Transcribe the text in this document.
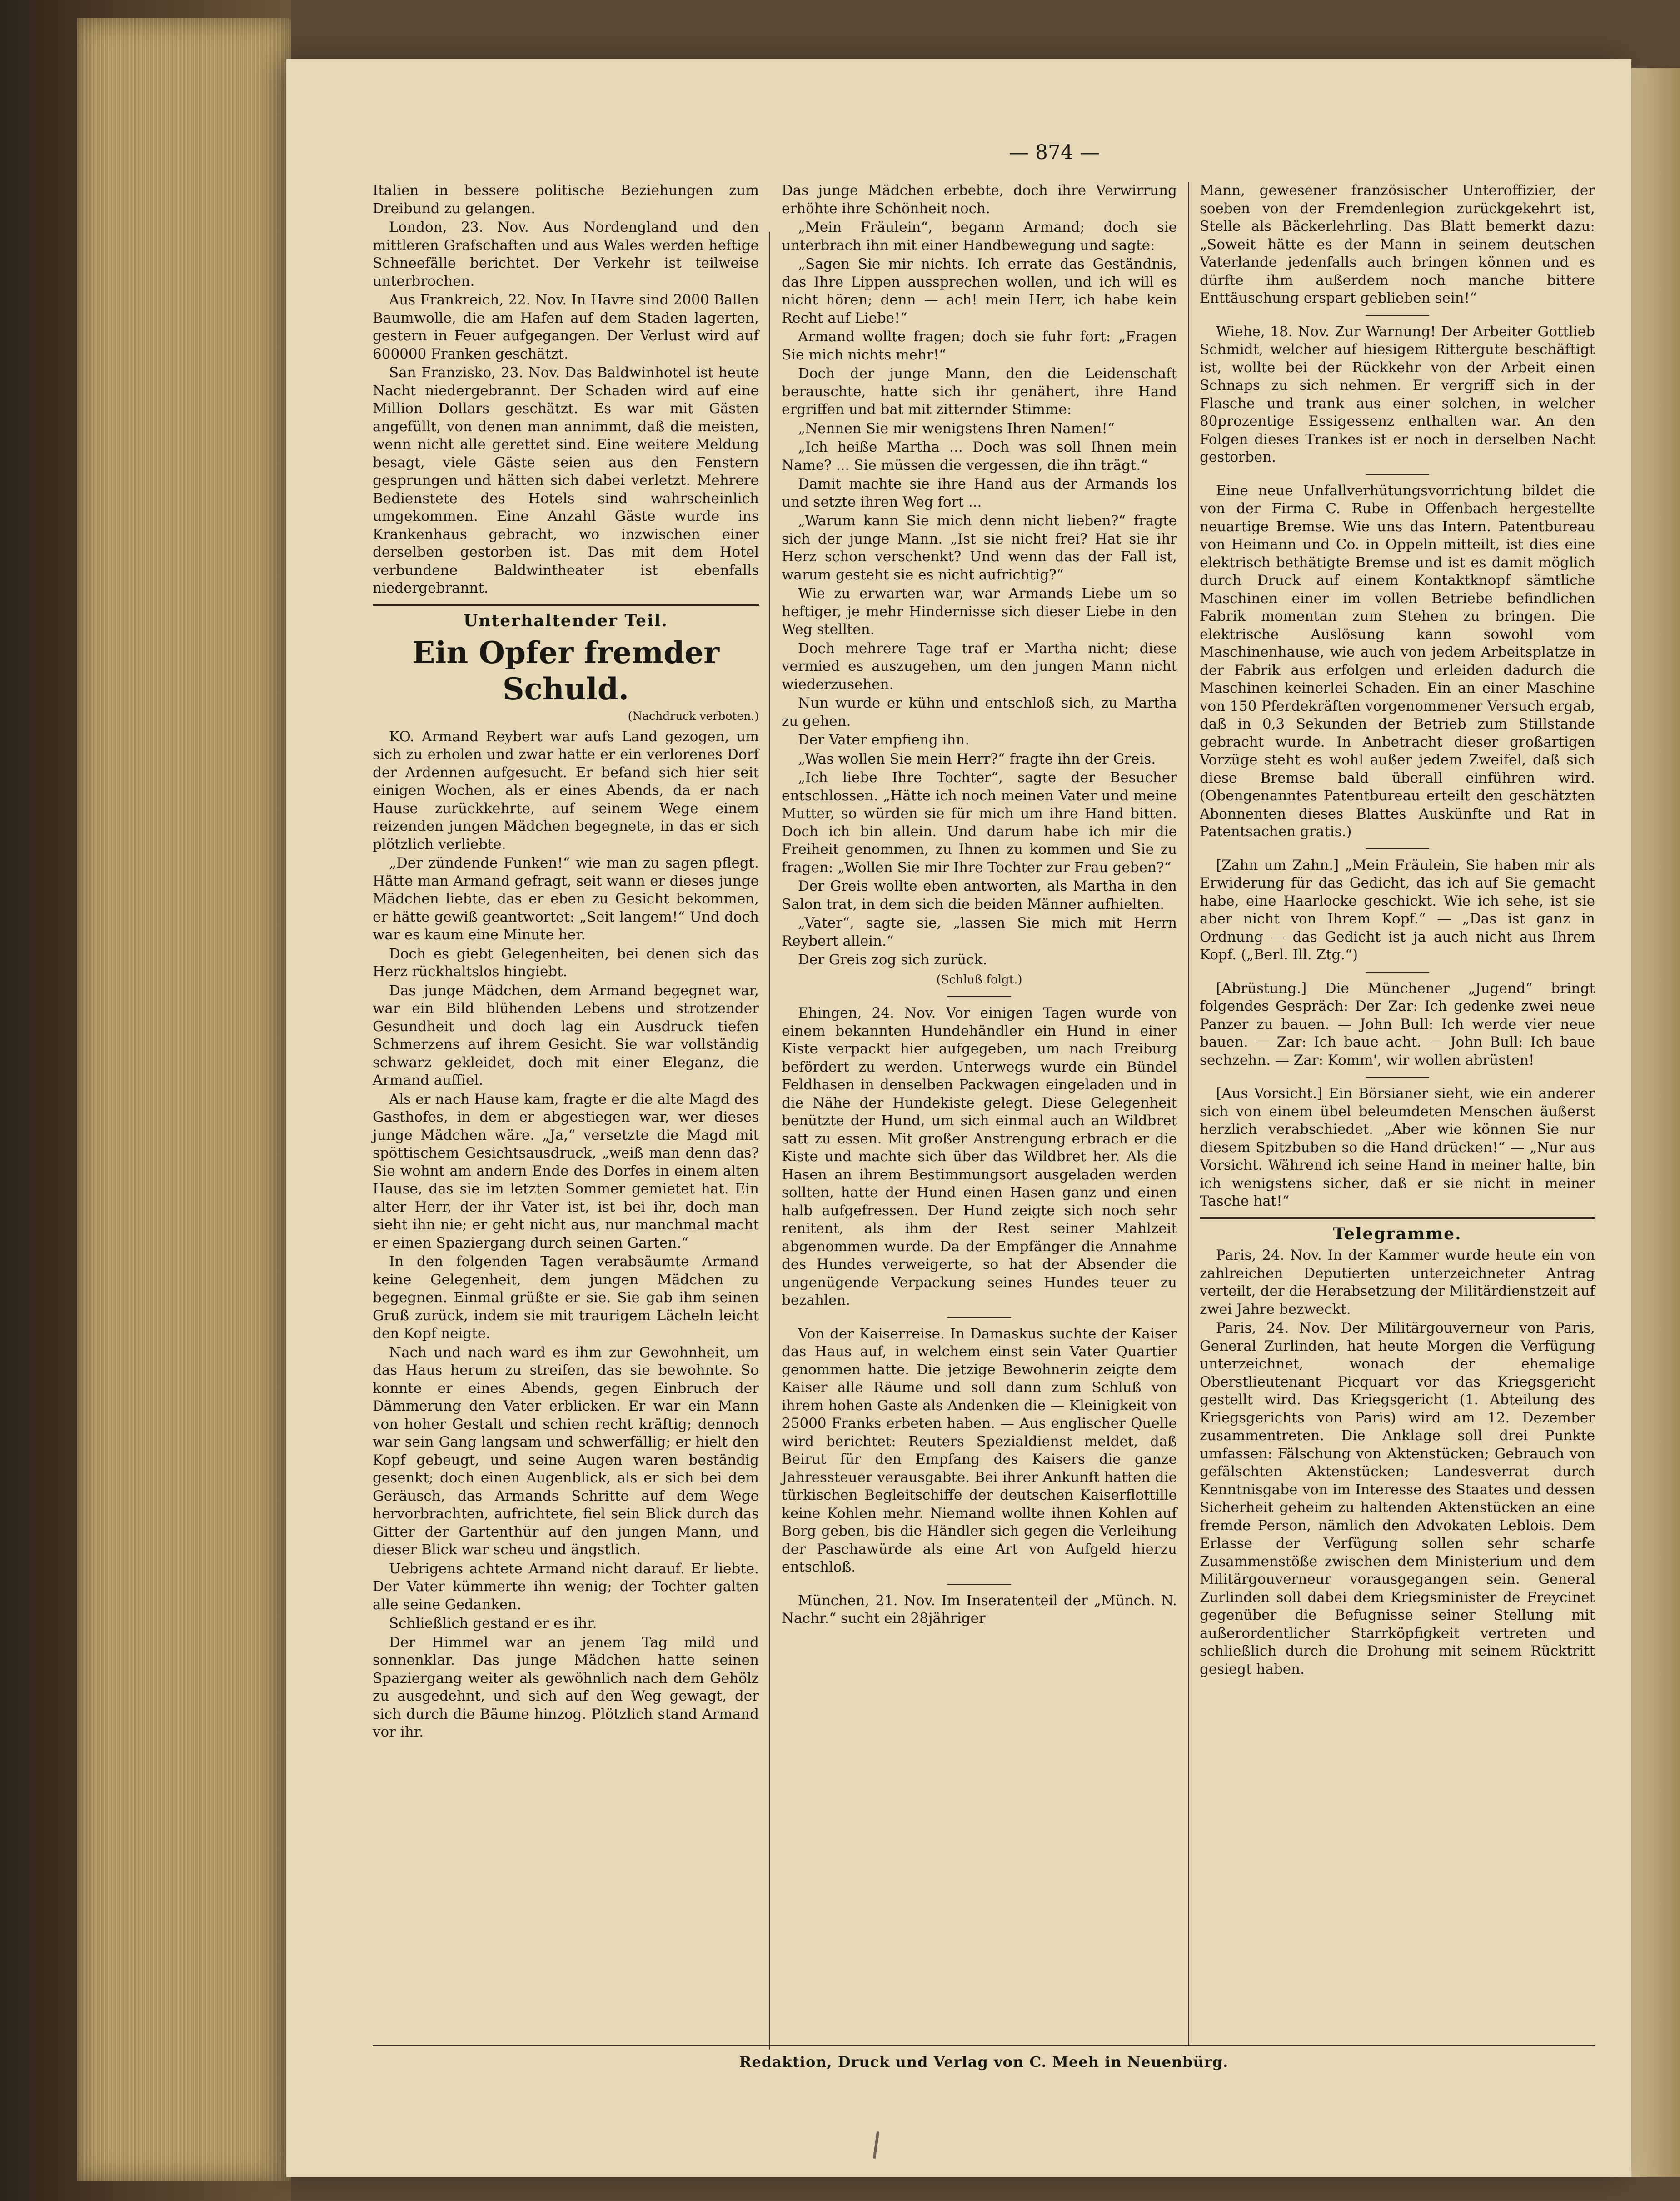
— 874 —

Italien in bessere politische Beziehungen zum Dreibund zu gelangen.

London, 23. Nov. Aus Nordengland und den mittleren Grafschaften und aus Wales werden heftige Schneefälle berichtet. Der Verkehr ist teilweise unterbrochen.

Aus Frankreich, 22. Nov. In Havre sind 2000 Ballen Baumwolle, die am Hafen auf dem Staden lagerten, gestern in Feuer aufgegangen. Der Verlust wird auf 600000 Franken geschätzt.

San Franzisko, 23. Nov. Das Baldwinhotel ist heute Nacht niedergebrannt. Der Schaden wird auf eine Million Dollars geschätzt. Es war mit Gästen angefüllt, von denen man annimmt, daß die meisten, wenn nicht alle gerettet sind. Eine weitere Meldung besagt, viele Gäste seien aus den Fenstern gesprungen und hätten sich dabei verletzt. Mehrere Bedienstete des Hotels sind wahrscheinlich umgekommen. Eine Anzahl Gäste wurde ins Krankenhaus gebracht, wo inzwischen einer derselben gestorben ist. Das mit dem Hotel verbundene Baldwintheater ist ebenfalls niedergebrannt.

Unterhaltender Teil.
Ein Opfer fremder Schuld.
(Nachdruck verboten.)

KO. Armand Reybert war aufs Land gezogen, um sich zu erholen und zwar hatte er ein verlorenes Dorf der Ardennen aufgesucht. Er befand sich hier seit einigen Wochen, als er eines Abends, da er nach Hause zurückkehrte, auf seinem Wege einem reizenden jungen Mädchen begegnete, in das er sich plötzlich verliebte.

„Der zündende Funken!“ wie man zu sagen pflegt. Hätte man Armand gefragt, seit wann er dieses junge Mädchen liebte, das er eben zu Gesicht bekommen, er hätte gewiß geantwortet: „Seit langem!“ Und doch war es kaum eine Minute her.

Doch es giebt Gelegenheiten, bei denen sich das Herz rückhaltslos hingiebt.

Das junge Mädchen, dem Armand begegnet war, war ein Bild blühenden Lebens und strotzender Gesundheit und doch lag ein Ausdruck tiefen Schmerzens auf ihrem Gesicht. Sie war vollständig schwarz gekleidet, doch mit einer Eleganz, die Armand auffiel.

Als er nach Hause kam, fragte er die alte Magd des Gasthofes, in dem er abgestiegen war, wer dieses junge Mädchen wäre. „Ja,“ versetzte die Magd mit spöttischem Gesichtsausdruck, „weiß man denn das? Sie wohnt am andern Ende des Dorfes in einem alten Hause, das sie im letzten Sommer gemietet hat. Ein alter Herr, der ihr Vater ist, ist bei ihr, doch man sieht ihn nie; er geht nicht aus, nur manchmal macht er einen Spaziergang durch seinen Garten.“

In den folgenden Tagen verabsäumte Armand keine Gelegenheit, dem jungen Mädchen zu begegnen. Einmal grüßte er sie. Sie gab ihm seinen Gruß zurück, indem sie mit traurigem Lächeln leicht den Kopf neigte.

Nach und nach ward es ihm zur Gewohnheit, um das Haus herum zu streifen, das sie bewohnte. So konnte er eines Abends, gegen Einbruch der Dämmerung den Vater erblicken. Er war ein Mann von hoher Gestalt und schien recht kräftig; dennoch war sein Gang langsam und schwerfällig; er hielt den Kopf gebeugt, und seine Augen waren beständig gesenkt; doch einen Augenblick, als er sich bei dem Geräusch, das Armands Schritte auf dem Wege hervorbrachten, aufrichtete, fiel sein Blick durch das Gitter der Gartenthür auf den jungen Mann, und dieser Blick war scheu und ängstlich.

Uebrigens achtete Armand nicht darauf. Er liebte. Der Vater kümmerte ihn wenig; der Tochter galten alle seine Gedanken.

Schließlich gestand er es ihr.

Der Himmel war an jenem Tag mild und sonnenklar. Das junge Mädchen hatte seinen Spaziergang weiter als gewöhnlich nach dem Gehölz zu ausgedehnt, und sich auf den Weg gewagt, der sich durch die Bäume hinzog. Plötzlich stand Armand vor ihr.

Das junge Mädchen erbebte, doch ihre Verwirrung erhöhte ihre Schönheit noch.

„Mein Fräulein“, begann Armand; doch sie unterbrach ihn mit einer Handbewegung und sagte:

„Sagen Sie mir nichts. Ich errate das Geständnis, das Ihre Lippen aussprechen wollen, und ich will es nicht hören; denn — ach! mein Herr, ich habe kein Recht auf Liebe!“

Armand wollte fragen; doch sie fuhr fort: „Fragen Sie mich nichts mehr!“

Doch der junge Mann, den die Leidenschaft berauschte, hatte sich ihr genähert, ihre Hand ergriffen und bat mit zitternder Stimme:

„Nennen Sie mir wenigstens Ihren Namen!“

„Ich heiße Martha ... Doch was soll Ihnen mein Name? ... Sie müssen die vergessen, die ihn trägt.“

Damit machte sie ihre Hand aus der Armands los und setzte ihren Weg fort ...

„Warum kann Sie mich denn nicht lieben?“ fragte sich der junge Mann. „Ist sie nicht frei? Hat sie ihr Herz schon verschenkt? Und wenn das der Fall ist, warum gesteht sie es nicht aufrichtig?“

Wie zu erwarten war, war Armands Liebe um so heftiger, je mehr Hindernisse sich dieser Liebe in den Weg stellten.

Doch mehrere Tage traf er Martha nicht; diese vermied es auszugehen, um den jungen Mann nicht wiederzusehen.

Nun wurde er kühn und entschloß sich, zu Martha zu gehen.

Der Vater empfieng ihn.

„Was wollen Sie mein Herr?“ fragte ihn der Greis.

„Ich liebe Ihre Tochter“, sagte der Besucher entschlossen. „Hätte ich noch meinen Vater und meine Mutter, so würden sie für mich um ihre Hand bitten. Doch ich bin allein. Und darum habe ich mir die Freiheit genommen, zu Ihnen zu kommen und Sie zu fragen: „Wollen Sie mir Ihre Tochter zur Frau geben?“

Der Greis wollte eben antworten, als Martha in den Salon trat, in dem sich die beiden Männer aufhielten.

„Vater“, sagte sie, „lassen Sie mich mit Herrn Reybert allein.“

Der Greis zog sich zurück.

(Schluß folgt.)

Ehingen, 24. Nov. Vor einigen Tagen wurde von einem bekannten Hundehändler ein Hund in einer Kiste verpackt hier aufgegeben, um nach Freiburg befördert zu werden. Unterwegs wurde ein Bündel Feldhasen in denselben Packwagen eingeladen und in die Nähe der Hundekiste gelegt. Diese Gelegenheit benützte der Hund, um sich einmal auch an Wildbret satt zu essen. Mit großer Anstrengung erbrach er die Kiste und machte sich über das Wildbret her. Als die Hasen an ihrem Bestimmungsort ausgeladen werden sollten, hatte der Hund einen Hasen ganz und einen halb aufgefressen. Der Hund zeigte sich noch sehr renitent, als ihm der Rest seiner Mahlzeit abgenommen wurde. Da der Empfänger die Annahme des Hundes verweigerte, so hat der Absender die ungenügende Verpackung seines Hundes teuer zu bezahlen.

Von der Kaiserreise. In Damaskus suchte der Kaiser das Haus auf, in welchem einst sein Vater Quartier genommen hatte. Die jetzige Bewohnerin zeigte dem Kaiser alle Räume und soll dann zum Schluß von ihrem hohen Gaste als Andenken die — Kleinigkeit von 25000 Franks erbeten haben. — Aus englischer Quelle wird berichtet: Reuters Spezialdienst meldet, daß Beirut für den Empfang des Kaisers die ganze Jahressteuer verausgabte. Bei ihrer Ankunft hatten die türkischen Begleitschiffe der deutschen Kaiserflottille keine Kohlen mehr. Niemand wollte ihnen Kohlen auf Borg geben, bis die Händler sich gegen die Verleihung der Paschawürde als eine Art von Aufgeld hierzu entschloß.

München, 21. Nov. Im Inseratenteil der „Münch. N. Nachr.“ sucht ein 28jähriger

Mann, gewesener französischer Unteroffizier, der soeben von der Fremdenlegion zurückgekehrt ist, Stelle als Bäckerlehrling. Das Blatt bemerkt dazu: „Soweit hätte es der Mann in seinem deutschen Vaterlande jedenfalls auch bringen können und es dürfte ihm außerdem noch manche bittere Enttäuschung erspart geblieben sein!“

Wiehe, 18. Nov. Zur Warnung! Der Arbeiter Gottlieb Schmidt, welcher auf hiesigem Rittergute beschäftigt ist, wollte bei der Rückkehr von der Arbeit einen Schnaps zu sich nehmen. Er vergriff sich in der Flasche und trank aus einer solchen, in welcher 80prozentige Essigessenz enthalten war. An den Folgen dieses Trankes ist er noch in derselben Nacht gestorben.

Eine neue Unfallverhütungsvorrichtung bildet die von der Firma C. Rube in Offenbach hergestellte neuartige Bremse. Wie uns das Intern. Patentbureau von Heimann und Co. in Oppeln mitteilt, ist dies eine elektrisch bethätigte Bremse und ist es damit möglich durch Druck auf einem Kontaktknopf sämtliche Maschinen einer im vollen Betriebe befindlichen Fabrik momentan zum Stehen zu bringen. Die elektrische Auslösung kann sowohl vom Maschinenhause, wie auch von jedem Arbeitsplatze in der Fabrik aus erfolgen und erleiden dadurch die Maschinen keinerlei Schaden. Ein an einer Maschine von 150 Pferdekräften vorgenommener Versuch ergab, daß in 0,3 Sekunden der Betrieb zum Stillstande gebracht wurde. In Anbetracht dieser großartigen Vorzüge steht es wohl außer jedem Zweifel, daß sich diese Bremse bald überall einführen wird. (Obengenanntes Patentbureau erteilt den geschätzten Abonnenten dieses Blattes Auskünfte und Rat in Patentsachen gratis.)

[Zahn um Zahn.] „Mein Fräulein, Sie haben mir als Erwiderung für das Gedicht, das ich auf Sie gemacht habe, eine Haarlocke geschickt. Wie ich sehe, ist sie aber nicht von Ihrem Kopf.“ — „Das ist ganz in Ordnung — das Gedicht ist ja auch nicht aus Ihrem Kopf. („Berl. Ill. Ztg.“)

[Abrüstung.] Die Münchener „Jugend“ bringt folgendes Gespräch: Der Zar: Ich gedenke zwei neue Panzer zu bauen. — John Bull: Ich werde vier neue bauen. — Zar: Ich baue acht. — John Bull: Ich baue sechzehn. — Zar: Komm', wir wollen abrüsten!

[Aus Vorsicht.] Ein Börsianer sieht, wie ein anderer sich von einem übel beleumdeten Menschen äußerst herzlich verabschiedet. „Aber wie können Sie nur diesem Spitzbuben so die Hand drücken!“ — „Nur aus Vorsicht. Während ich seine Hand in meiner halte, bin ich wenigstens sicher, daß er sie nicht in meiner Tasche hat!“

Telegramme.

Paris, 24. Nov. In der Kammer wurde heute ein von zahlreichen Deputierten unterzeichneter Antrag verteilt, der die Herabsetzung der Militärdienstzeit auf zwei Jahre bezweckt.

Paris, 24. Nov. Der Militärgouverneur von Paris, General Zurlinden, hat heute Morgen die Verfügung unterzeichnet, wonach der ehemalige Oberstlieutenant Picquart vor das Kriegsgericht gestellt wird. Das Kriegsgericht (1. Abteilung des Kriegsgerichts von Paris) wird am 12. Dezember zusammentreten. Die Anklage soll drei Punkte umfassen: Fälschung von Aktenstücken; Gebrauch von gefälschten Aktenstücken; Landesverrat durch Kenntnisgabe von im Interesse des Staates und dessen Sicherheit geheim zu haltenden Aktenstücken an eine fremde Person, nämlich den Advokaten Leblois. Dem Erlasse der Verfügung sollen sehr scharfe Zusammenstöße zwischen dem Ministerium und dem Militärgouverneur vorausgegangen sein. General Zurlinden soll dabei dem Kriegsminister de Freycinet gegenüber die Befugnisse seiner Stellung mit außerordentlicher Starrköpfigkeit vertreten und schließlich durch die Drohung mit seinem Rücktritt gesiegt haben.

Redaktion, Druck und Verlag von C. Meeh in Neuenbürg.
